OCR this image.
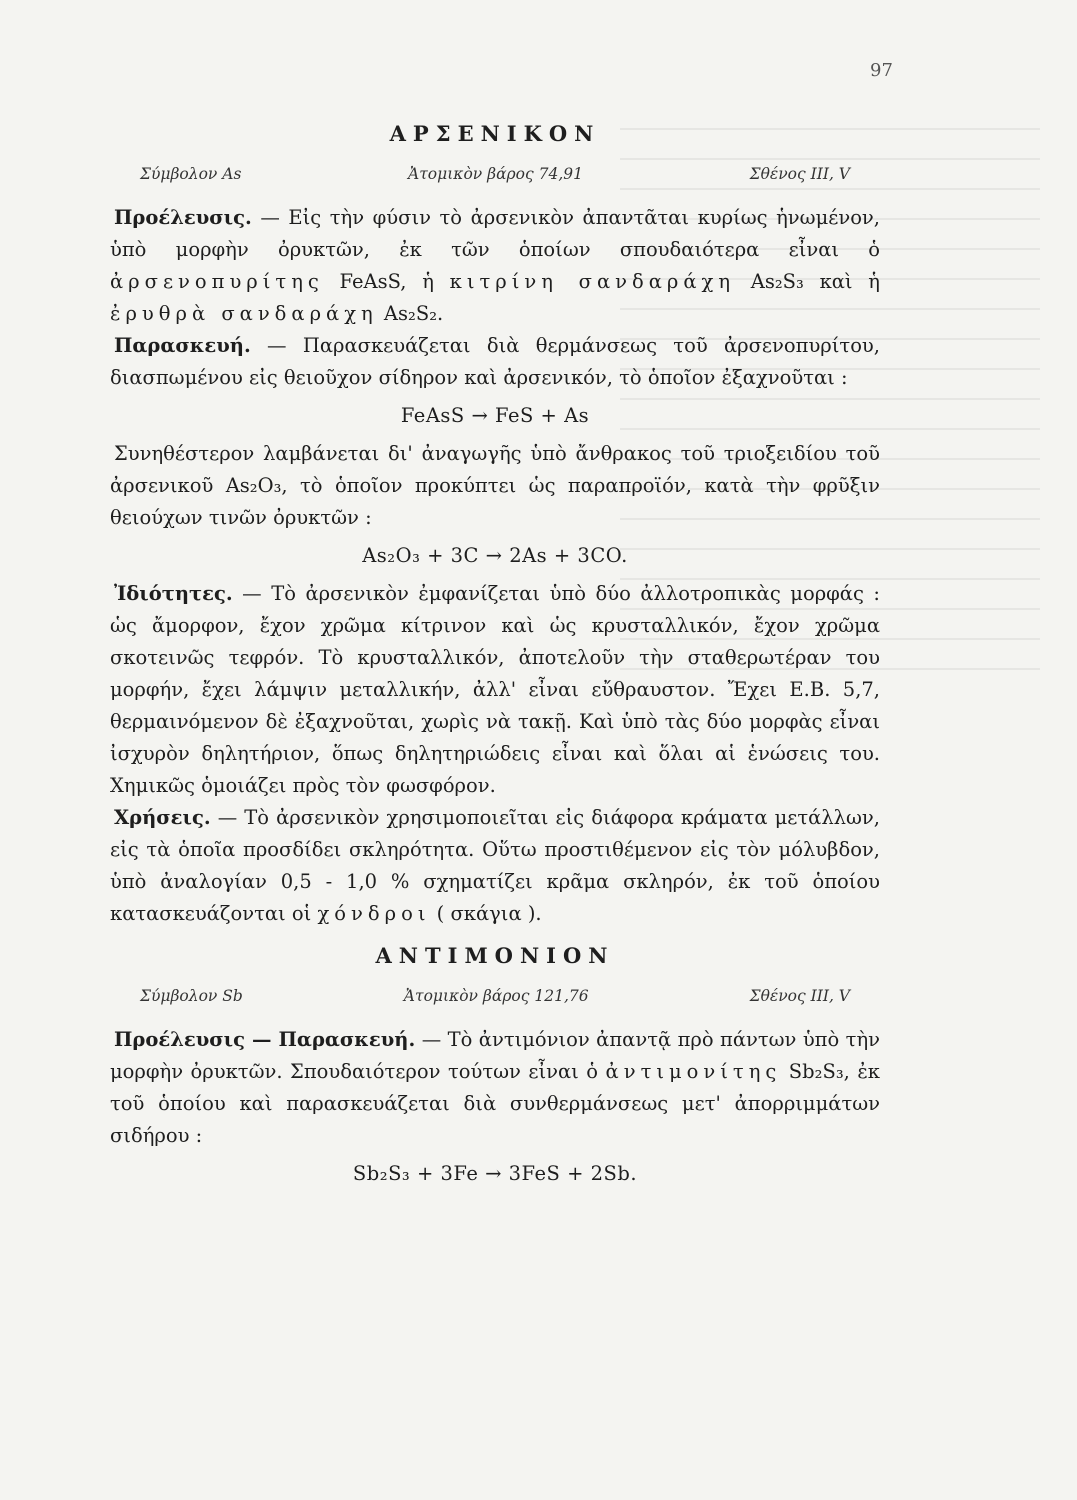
97
ΑΡΣΕΝΙΚΟΝ
Σύμβολον As	Ἀτομικὸν βάρος 74,91	Σθένος III, V

Προέλευσις. — Εἰς τὴν φύσιν τὸ ἀρσενικὸν ἀπαντᾶται κυρίως ἡνωμένον, ὑπὸ μορφὴν ὀρυκτῶν, ἐκ τῶν ὁποίων σπουδαιότερα εἶναι ὁ ἀρσενοπυρίτης FeAsS, ἡ κιτρίνη σανδαράχη As₂S₃ καὶ ἡ ἐρυθρὰ σανδαράχη As₂S₂.

Παρασκευή. — Παρασκευάζεται διὰ θερμάνσεως τοῦ ἀρσενοπυρίτου, διασπωμένου εἰς θειοῦχον σίδηρον καὶ ἀρσενικόν, τὸ ὁποῖον ἐξαχνοῦται :

FeAsS → FeS + As

Συνηθέστερον λαμβάνεται δι' ἀναγωγῆς ὑπὸ ἄνθρακος τοῦ τριοξειδίου τοῦ ἀρσενικοῦ As₂O₃, τὸ ὁποῖον προκύπτει ὡς παραπροϊόν, κατὰ τὴν φρῦξιν θειούχων τινῶν ὀρυκτῶν :

As₂O₃ + 3C → 2As + 3CO.

Ἰδιότητες. — Τὸ ἀρσενικὸν ἐμφανίζεται ὑπὸ δύο ἀλλοτροπικὰς μορφάς : ὡς ἄμορφον, ἔχον χρῶμα κίτρινον καὶ ὡς κρυσταλλικόν, ἔχον χρῶμα σκοτεινῶς τεφρόν. Τὸ κρυσταλλικόν, ἀποτελοῦν τὴν σταθερωτέραν του μορφήν, ἔχει λάμψιν μεταλλικήν, ἀλλ' εἶναι εὔθραυστον. Ἔχει Ε.Β. 5,7, θερμαινόμενον δὲ ἐξαχνοῦται, χωρὶς νὰ τακῇ. Καὶ ὑπὸ τὰς δύο μορφὰς εἶναι ἰσχυρὸν δηλητήριον, ὅπως δηλητηριώδεις εἶναι καὶ ὅλαι αἱ ἑνώσεις του. Χημικῶς ὁμοιάζει πρὸς τὸν φωσφόρον.

Χρήσεις. — Τὸ ἀρσενικὸν χρησιμοποιεῖται εἰς διάφορα κράματα μετάλλων, εἰς τὰ ὁποῖα προσδίδει σκληρότητα. Οὕτω προστιθέμενον εἰς τὸν μόλυβδον, ὑπὸ ἀναλογίαν 0,5 - 1,0 % σχηματίζει κρᾶμα σκληρόν, ἐκ τοῦ ὁποίου κατασκευάζονται οἱ χόνδροι ( σκάγια ).

ΑΝΤΙΜΟΝΙΟΝ
Σύμβολον Sb	Ἀτομικὸν βάρος 121,76	Σθένος III, V

Προέλευσις — Παρασκευή. — Τὸ ἀντιμόνιον ἀπαντᾷ πρὸ πάντων ὑπὸ τὴν μορφὴν ὀρυκτῶν. Σπουδαιότερον τούτων εἶναι ὁ ἀντιμονίτης Sb₂S₃, ἐκ τοῦ ὁποίου καὶ παρασκευάζεται διὰ συνθερμάνσεως μετ' ἀπορριμμάτων σιδήρου :

Sb₂S₃ + 3Fe → 3FeS + 2Sb.
